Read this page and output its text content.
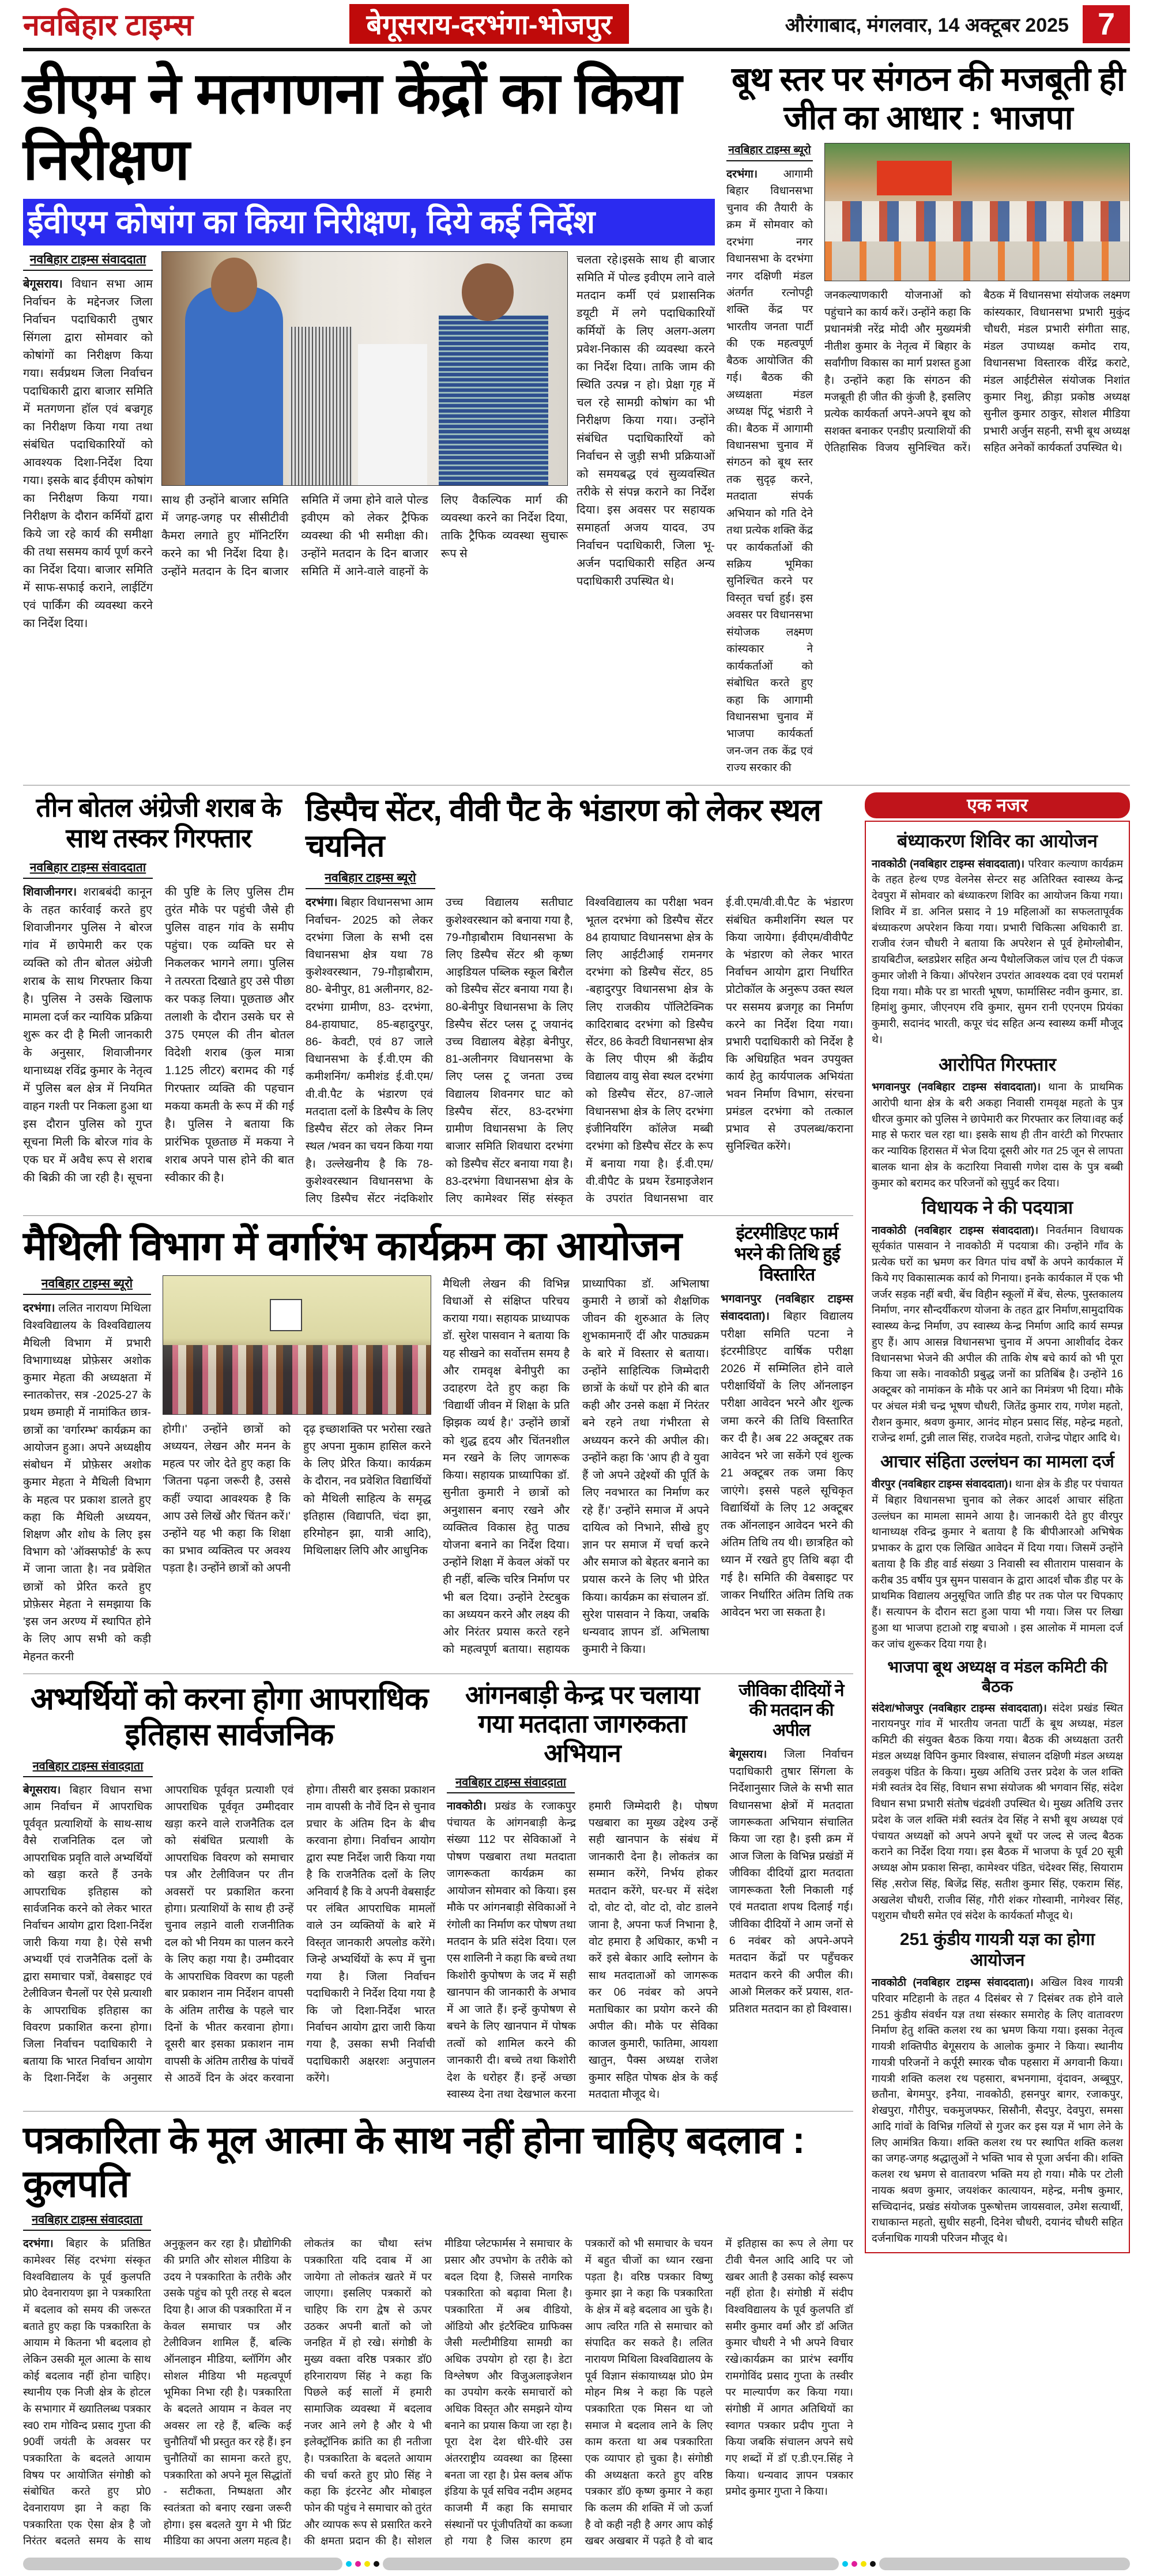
नवबिहार टाइम्स	बेगूसराय-दरभंगा-भोजपुर	औरंगाबाद, मंगलवार, 14 अक्टूबर 2025 7
डीएम ने मतगणना केंद्रों का किया निरीक्षण
ईवीएम कोषांग का किया निरीक्षण, दिये कई निर्देश
नवबिहार टाइम्स संवाददाता

बेगूसराय। विधान सभा आम निर्वाचन के मद्देनजर जिला निर्वाचन पदाधिकारी तुषार सिंगला द्वारा सोमवार को कोषांगों का निरीक्षण किया गया। सर्वप्रथम जिला निर्वाचन पदाधिकारी द्वारा बाजार समिति में मतगणना हॉल एवं बज्रगृह का निरीक्षण किया गया तथा संबंधित पदाधिकारियों को आवश्यक दिशा-निर्देश दिया गया। इसके बाद ईवीएम कोषांग का निरीक्षण किया गया। निरीक्षण के दौरान कर्मियों द्वारा किये जा रहे कार्य की समीक्षा की तथा ससमय कार्य पूर्ण करने का निर्देश दिया। बाजार समिति में साफ-सफाई कराने, लाईटिंग एवं पार्किंग की व्यवस्था करने का निर्देश दिया।

साथ ही उन्होंने बाजार समिति में जगह-जगह पर सीसीटीवी कैमरा लगाते हुए मॉनिटरिंग करने का भी निर्देश दिया है। उन्होंने मतदान के दिन बाजार समिति में जमा होने वाले पोल्ड इवीएम को लेकर ट्रैफिक व्यवस्था की भी समीक्षा की। उन्होंने मतदान के दिन बाजार समिति में आने-वाले वाहनों के लिए वैकल्पिक मार्ग की व्यवस्था करने का निर्देश दिया, ताकि ट्रैफिक व्यवस्था सुचारू रूप से

चलता रहे।इसके साथ ही बाजार समिति में पोल्ड इवीएम लाने वाले मतदान कर्मी एवं प्रशासनिक डयूटी में लगे पदाधिकारियों कर्मियों के लिए अलग-अलग प्रवेश-निकास की व्यवस्था करने का निर्देश दिया। ताकि जाम की स्थिति उत्पन्न न हो। प्रेक्षा गृह में चल रहे सामग्री कोषांग का भी निरीक्षण किया गया। उन्होंने संबंधित पदाधिकारियों को निर्वाचन से जुड़ी सभी प्रक्रियाओं को समयबद्ध एवं सुव्यवस्थित तरीके से संपन्न कराने का निर्देश दिया। इस अवसर पर सहायक समाहर्ता अजय यादव, उप निर्वाचन पदाधिकारी, जिला भू-अर्जन पदाधिकारी सहित अन्य पदाधिकारी उपस्थित थे।

बूथ स्तर पर संगठन की मजबूती ही जीत का आधार : भाजपा
नवबिहार टाइम्स ब्यूरो

दरभंगा। आगामी बिहार विधानसभा चुनाव की तैयारी के क्रम में सोमवार को दरभंगा नगर विधानसभा के दरभंगा नगर दक्षिणी मंडल अंतर्गत रत्नोपट्टी शक्ति केंद्र पर भारतीय जनता पार्टी की एक महत्वपूर्ण बैठक आयोजित की गई। बैठक की अध्यक्षता मंडल अध्यक्ष पिंटू भंडारी ने की। बैठक में आगामी विधानसभा चुनाव में संगठन को बूथ स्तर तक सुदृढ़ करने, मतदाता संपर्क अभियान को गति देने तथा प्रत्येक शक्ति केंद्र पर कार्यकर्ताओं की सक्रिय भूमिका सुनिश्चित करने पर विस्तृत चर्चा हुई। इस अवसर पर विधानसभा संयोजक लक्ष्मण कांस्यकार ने कार्यकर्ताओं को संबोधित करते हुए कहा कि आगामी विधानसभा चुनाव में भाजपा कार्यकर्ता जन-जन तक केंद्र एवं राज्य सरकार की

जनकल्याणकारी योजनाओं को पहुंचाने का कार्य करें। उन्होंने कहा कि प्रधानमंत्री नरेंद्र मोदी और मुख्यमंत्री नीतीश कुमार के नेतृत्व में बिहार के सर्वांगीण विकास का मार्ग प्रशस्त हुआ है। उन्होंने कहा कि संगठन की मजबूती ही जीत की कुंजी है, इसलिए प्रत्येक कार्यकर्ता अपने-अपने बूथ को सशक्त बनाकर एनडीए प्रत्याशियों की ऐतिहासिक विजय सुनिश्चित करें। बैठक में विधानसभा संयोजक लक्ष्मण कांस्यकार, विधानसभा प्रभारी मुकुंद चौधरी, मंडल प्रभारी संगीता साह, मंडल उपाध्यक्ष कमोद राय, विधानसभा विस्तारक वीरेंद्र कराटे, मंडल आईटीसेल संयोजक निशांत कुमार निशु, क्रीड़ा प्रकोष्ठ अध्यक्ष सुनील कुमार ठाकुर, सोशल मीडिया प्रभारी अर्जुन सहनी, सभी बूथ अध्यक्ष सहित अनेकों कार्यकर्ता उपस्थित थे।

तीन बोतल अंग्रेजी शराब के साथ तस्कर गिरफ्तार
नवबिहार टाइम्स संवाददाता

शिवाजीनगर। शराबबंदी कानून के तहत कार्रवाई करते हुए शिवाजीनगर पुलिस ने बोरज गांव में छापेमारी कर एक व्यक्ति को तीन बोतल अंग्रेजी शराब के साथ गिरफ्तार किया है। पुलिस ने उसके खिलाफ मामला दर्ज कर न्यायिक प्रक्रिया शुरू कर दी है मिली जानकारी के अनुसार, शिवाजीनगर थानाध्यक्ष रविंद्र कुमार के नेतृत्व में पुलिस बल क्षेत्र में नियमित वाहन गश्ती पर निकला हुआ था इस दौरान पुलिस को गुप्त सूचना मिली कि बोरज गांव के एक घर में अवैध रूप से शराब की बिक्री की जा रही है। सूचना की पुष्टि के लिए पुलिस टीम तुरंत मौके पर पहुंची जैसे ही पुलिस वाहन गांव के समीप पहुंचा। एक व्यक्ति घर से निकलकर भागने लगा। पुलिस ने तत्परता दिखाते हुए उसे पीछा कर पकड़ लिया। पूछताछ और तलाशी के दौरान उसके घर से 375 एमएल की तीन बोतल विदेशी शराब (कुल मात्रा 1.125 लीटर) बरामद की गई गिरफ्तार व्यक्ति की पहचान मकया कमती के रूप में की गई है। पुलिस ने बताया कि प्रारंभिक पूछताछ में मकया ने शराब अपने पास होने की बात स्वीकार की है।

डिस्पैच सेंटर, वीवी पैट के भंडारण को लेकर स्थल चयनित
नवबिहार टाइम्स ब्यूरो

दरभंगा। बिहार विधानसभा आम निर्वाचन- 2025 को लेकर दरभंगा जिला के सभी दस विधानसभा क्षेत्र यथा 78 कुशेश्वरस्थान, 79-गौड़ाबौराम, 80- बेनीपुर, 81 अलीनगर, 82- दरभंगा ग्रामीण, 83- दरभंगा, 84-हायाघाट, 85-बहादुरपुर, 86- केवटी, एवं 87 जाले विधानसभा के ई.वी.एम की कमीशनिंग/ कमीशंड ई.वी.एम/वी.वी.पैट के भंडारण एवं मतदाता दलों के डिस्पैच के लिए डिस्पैच सेंटर को लेकर निम्न स्थल /भवन का चयन किया गया है। उल्लेखनीय है कि 78-कुशेश्वरस्थान विधानसभा के लिए डिस्पैच सेंटर नंदकिशोर उच्च विद्यालय सतीघाट कुशेश्वरस्थान को बनाया गया है, 79-गौड़ाबौराम विधानसभा के लिए डिस्पैच सेंटर श्री कृष्ण आइडियल पब्लिक स्कूल बिरौल को डिस्पैच सेंटर बनाया गया है। 80-बेनीपुर विधानसभा के लिए डिस्पैच सेंटर प्लस टू जयानंद उच्च विद्यालय बेहेड़ा बेनीपुर, 81-अलीनगर विधानसभा के लिए प्लस टू जनता उच्च विद्यालय शिवनगर घाट को डिस्पैच सेंटर, 83-दरभंगा ग्रामीण विधानसभा के लिए बाजार समिति शिवधारा दरभंगा को डिस्पैच सेंटर बनाया गया है। 83-दरभंगा विधानसभा क्षेत्र के लिए कामेश्वर सिंह संस्कृत विश्वविद्यालय का परीक्षा भवन भूतल दरभंगा को डिस्पैच सेंटर 84 हायाघाट विधानसभा क्षेत्र के लिए आईटीआई रामनगर दरभंगा को डिस्पैच सेंटर, 85 -बहादुरपुर विधानसभा क्षेत्र के लिए राजकीय पॉलिटेक्निक कादिराबाद दरभंगा को डिस्पैच सेंटर, 86 केवटी विधानसभा क्षेत्र के लिए पीएम श्री केंद्रीय विद्यालय वायु सेवा स्थल दरभंगा को डिस्पैच सेंटर, 87-जाले विधानसभा क्षेत्र के लिए दरभंगा इंजीनियरिंग कॉलेज मब्बी दरभंगा को डिस्पैच सेंटर के रूप में बनाया गया है। ई.वी.एम/वी.वीपैट के प्रथम रेंडमाइजेशन के उपरांत विधानसभा वार ई.वी.एम/वी.वी.पैट के भंडारण संबंधित कमीशनिंग स्थल पर किया जायेगा। ईवीएम/वीवीपैट के भंडारण को लेकर भारत निर्वाचन आयोग द्वारा निर्धारित प्रोटोकॉल के अनुरूप उक्त स्थल पर ससमय ब्रजगृह का निर्माण करने का निर्देश दिया गया। प्रभारी पदाधिकारी को निर्देश है कि अधिग्रहित भवन उपयुक्त कार्य हेतु कार्यपालक अभियंता भवन निर्माण विभाग, संरचना प्रमंडल दरभंगा को तत्काल प्रभाव से उपलब्ध/कराना सुनिश्चित करेंगे।

मैथिली विभाग में वर्गारंभ कार्यक्रम का आयोजन
नवबिहार टाइम्स ब्यूरो

दरभंगा। ललित नारायण मिथिला विश्वविद्यालय के विश्वविद्यालय मैथिली विभाग में प्रभारी विभागाध्यक्ष प्रोफ़ेसर अशोक कुमार मेहता की अध्यक्षता में स्नातकोत्तर, सत्र -2025-27 के प्रथम छमाही में नामांकित छात्र-छात्रों का 'वर्गारम्भ' कार्यक्रम का आयोजन हुआ। अपने अध्यक्षीय संबोधन में प्रोफ़ेसर अशोक कुमार मेहता ने मैथिली विभाग के महत्व पर प्रकाश डालते हुए कहा कि मैथिली अध्ययन, शिक्षण और शोध के लिए इस विभाग को 'ऑक्सफोर्ड' के रूप में जाना जाता है। नव प्रवेशित छात्रों को प्रेरित करते हुए प्रोफ़ेसर मेहता ने समझाया कि 'इस जन अरण्य में स्थापित होने के लिए आप सभी को कड़ी मेहनत करनी

होगी।' उन्होंने छात्रों को अध्ययन, लेखन और मनन के महत्व पर जोर देते हुए कहा कि 'जितना पढ़ना जरूरी है, उससे कहीं ज्यादा आवश्यक है कि आप उसे लिखें और चिंतन करें।' उन्होंने यह भी कहा कि शिक्षा का प्रभाव व्यक्तित्व पर अवश्य पड़ता है। उन्होंने छात्रों को अपनी दृढ़ इच्छाशक्ति पर भरोसा रखते हुए अपना मुकाम हासिल करने के लिए प्रेरित किया। कार्यक्रम के दौरान, नव प्रवेशित विद्यार्थियों को मैथिली साहित्य के समृद्ध इतिहास (विद्यापति, चंदा झा, हरिमोहन झा, यात्री आदि), मिथिलाक्षर लिपि और आधुनिक

मैथिली लेखन की विभिन्न विधाओं से संक्षिप्त परिचय कराया गया। सहायक प्राध्यापक डॉ. सुरेश पासवान ने बताया कि यह सीखने का सर्वोत्तम समय है और रामवृक्ष बेनीपुरी का उदाहरण देते हुए कहा कि 'विद्यार्थी जीवन में शिक्षा के प्रति झिझक व्यर्थ है।' उन्होंने छात्रों को शुद्ध हृदय और चिंतनशील मन रखने के लिए जागरूक किया। सहायक प्राध्यापिका डॉ. सुनीता कुमारी ने छात्रों को अनुशासन बनाए रखने और व्यक्तित्व विकास हेतु पाठ्य योजना बनाने का निर्देश दिया। उन्होंने शिक्षा में केवल अंकों पर ही नहीं, बल्कि चरित्र निर्माण पर भी बल दिया। उन्होंने टेस्टबुक का अध्ययन करने और लक्ष्य की ओर निरंतर प्रयास करते रहने को महत्वपूर्ण बताया। सहायक प्राध्यापिका डॉ. अभिलाषा कुमारी ने छात्रों को शैक्षणिक जीवन की शुरुआत के लिए शुभकामनाएँ दीं और पाठ्यक्रम के बारे में विस्तार से बताया। उन्होंने साहित्यिक जिम्मेदारी छात्रों के कंधों पर होने की बात कही और उनसे कक्षा में निरंतर बने रहने तथा गंभीरता से अध्ययन करने की अपील की। उन्होंने कहा कि 'आप ही वे युवा हैं जो अपने उद्देश्यों की पूर्ति के लिए नवभारत का निर्माण कर रहे हैं।' उन्होंने समाज में अपने दायित्व को निभाने, सीखे हुए ज्ञान पर समाज में चर्चा करने और समाज को बेहतर बनाने का प्रयास करने के लिए भी प्रेरित किया। कार्यक्रम का संचालन डॉ. सुरेश पासवान ने किया, जबकि धन्यवाद ज्ञापन डॉ. अभिलाषा कुमारी ने किया।

इंटरमीडिएट फार्म भरने की तिथि हुई विस्तारित

भगवानपुर (नवबिहार टाइम्स संवाददाता)। बिहार विद्यालय परीक्षा समिति पटना ने इंटरमीडिएट वार्षिक परीक्षा 2026 में सम्मिलित होने वाले परीक्षार्थियों के लिए ऑनलाइन परीक्षा आवेदन भरने और शुल्क जमा करने की तिथि विस्तारित कर दी है। अब 22 अक्टूबर तक आवेदन भरे जा सकेंगे एवं शुल्क 21 अक्टूबर तक जमा किए जाएंगे। इससे पहले सूचिकृत विद्यार्थियों के लिए 12 अक्टूबर तक ऑनलाइन आवेदन भरने की अंतिम तिथि तय थी। छात्रहित को ध्यान में रखते हुए तिथि बढ़ा दी गई है। समिति की वेबसाइट पर जाकर निर्धारित अंतिम तिथि तक आवेदन भरा जा सकता है।

अभ्यर्थियों को करना होगा आपराधिक इतिहास सार्वजनिक
नवबिहार टाइम्स संवाददाता

बेगूसराय। बिहार विधान सभा आम निर्वाचन में आपराधिक पूर्ववृत प्रत्याशियों के साथ-साथ वैसे राजनितिक दल जो आपराधिक प्रवृति वाले अभ्यर्थियों को खड़ा करते हैं उनके आपराधिक इतिहास को सार्वजनिक करने को लेकर भारत निर्वाचन आयोग द्वारा दिशा-निर्देश जारी किया गया है। ऐसे सभी अभ्यर्थी एवं राजनैतिक दलों के द्वारा समाचार पत्रों, वेबसाइट एवं टेलीविजन चैनलों पर ऐसे प्रत्याशी के आपराधिक इतिहास का विवरण प्रकाशित करना होगा। जिला निर्वाचन पदाधिकारी ने बताया कि भारत निर्वाचन आयोग के दिशा-निर्देश के अनुसार आपराधिक पूर्ववृत प्रत्याशी एवं आपराधिक पूर्ववृत उम्मीदवार खड़ा करने वाले राजनैतिक दल को संबंधित प्रत्याशी के आपराधिक विवरण को समाचार पत्र और टेलीविजन पर तीन अवसरों पर प्रकाशित करना होगा। प्रत्याशियों के साथ ही उन्हें चुनाव लड़ाने वाली राजनीतिक दल को भी नियम का पालन करने के लिए कहा गया है। उम्मीदवार के आपराधिक विवरण का पहली बार प्रकाशन नाम निर्देशन वापसी के अंतिम तारीख के पहले चार दिनों के भीतर करवाना होगा। दूसरी बार इसका प्रकाशन नाम वापसी के अंतिम तारीख के पांचवें से आठवें दिन के अंदर करवाना होगा। तीसरी बार इसका प्रकाशन नाम वापसी के नौवें दिन से चुनाव प्रचार के अंतिम दिन के बीच करवाना होगा। निर्वाचन आयोग द्वारा स्पष्ट निर्देश जारी किया गया है कि राजनैतिक दलों के लिए अनिवार्य है कि वे अपनी वेबसाईट पर लंबित आपराधिक मामलों वाले उन व्यक्तियों के बारे में विस्तृत जानकारी अपलोड करेंगे। जिन्हे अभ्यर्थियों के रूप में चुना गया है। जिला निर्वाचन पदाधिकारी ने निर्देश दिया गया है कि जो दिशा-निर्देश भारत निर्वाचन आयोग द्वारा जारी किया गया है, उसका सभी निर्वाची पदाधिकारी अक्षरशः अनुपालन करेंगे।

आंगनबाड़ी केन्द्र पर चलाया गया मतदाता जागरुकता अभियान
नवबिहार टाइम्स संवाददाता

नावकोठी। प्रखंड के रजाकपुर पंचायत के आंगनबाड़ी केन्द्र संख्या 112 पर सेविकाओं ने पोषण पखबारा तथा मतदाता जागरूकता कार्यक्रम का आयोजन सोमवार को किया। इस मौके पर आंगनबाड़ी सेविकाओं ने रंगोली का निर्माण कर पोषण तथा मतदान के प्रति संदेश दिया। एल एस शालिनी ने कहा कि बच्चे तथा किशोरी कुपोषण के जद में सही खानपान की जानकारी के अभाव में आ जाते हैं। इन्हें कुपोषण से बचने के लिए खानपान में पोषक तत्वों को शामिल करने की जानकारी दी। बच्चे तथा किशोरी देश के धरोहर हैं। इन्हें अच्छा स्वास्थ्य देना तथा देखभाल करना हमारी जिम्मेदारी है। पोषण पखबारा का मुख्य उद्देश्य उन्हें सही खानपान के संबंध में जानकारी देना है। लोकतंत्र का सम्मान करेंगे, निर्भय होकर मतदान करेंगे, घर-घर में संदेश दो, वोट दो, वोट दो, वोट डालने जाना है, अपना फर्ज निभाना है, वोट हमारा है अधिकार, कभी न करें इसे बेकार आदि स्लोगन के साथ मतदाताओं को जागरूक कर 06 नवंबर को अपने मताधिकार का प्रयोग करने की अपील की। मौके पर सेविका काजल कुमारी, फातिमा, आयशा खातुन, पैक्स अध्यक्ष राजेश कुमार सहित पोषक क्षेत्र के कई मतदाता मौजूद थे।

जीविका दीदियों ने की मतदान की अपील

बेगूसराय। जिला निर्वाचन पदाधिकारी तुषार सिंगला के निर्देशानुसार जिले के सभी सात विधानसभा क्षेत्रों में मतदाता जागरूकता अभियान संचालित किया जा रहा है। इसी क्रम में आज जिला के विभिन्न प्रखंडों में जीविका दीदियों द्वारा मतदाता जागरूकता रैली निकाली गई एवं मतदाता शपथ दिलाई गई। जीविका दीदियों ने आम जनों से 6 नवंबर को अपने-अपने मतदान केंद्रों पर पहुँचकर मतदान करने की अपील की। आओ मिलकर करें प्रयास, शत-प्रतिशत मतदान का हो विश्वास।

पत्रकारिता के मूल आत्मा के साथ नहीं होना चाहिए बदलाव : कुलपति
नवबिहार टाइम्स संवाददाता

दरभंगा। बिहार के प्रतिष्ठित कामेश्वर सिंह दरभंगा संस्कृत विश्वविद्यालय के पूर्व कुलपति प्रो0 देवनारायण झा ने पत्रकारिता में बदलाव को समय की जरूरत बताते हुए कहा कि पत्रकारिता के आयाम मे कितना भी बदलाव हो लेकिन उसकी मूल आत्मा के साथ कोई बदलाव नहीं होना चाहिए। स्थानीय एक निजी क्षेत्र के होटल के सभागार में ख्यातिलब्ध पत्रकार स्व0 राम गोविन्द प्रसाद गुप्ता की 90वीं जयंती के अवसर पर पत्रकारिता के बदलते आयाम विषय पर आयोजित संगोष्ठी को संबोधित करते हुए प्रो0 देवनारायण झा ने कहा कि पत्रकारिता एक ऐसा क्षेत्र है जो निरंतर बदलते समय के साथ अनुकूलन कर रहा है। प्रौद्योगिकी की प्रगति और सोशल मीडिया के उदय ने पत्रकारिता के तरीके और उसके पहुंच को पूरी तरह से बदल दिया है। आज की पत्रकारिता में न केवल समाचार पत्र और टेलीविजन शामिल हैं, बल्कि ऑनलाइन मीडिया, ब्लॉगिंग और सोशल मीडिया भी महत्वपूर्ण भूमिका निभा रही है। पत्रकारिता के बदलते आयाम न केवल नए अवसर ला रहे हैं, बल्कि कई चुनौतियाँ भी प्रस्तुत कर रहे हैं। इन चुनौतियों का सामना करते हुए, पत्रकारिता को अपने मूल सिद्धांतों - सटीकता, निष्पक्षता और स्वतंत्रता को बनाए रखना जरूरी होगा। इस बदलते युग मे भी प्रिंट मीडिया का अपना अलग महत्व है। लोकतंत्र का चौथा स्तंभ पत्रकारिता यदि दवाब में आ जायेगा तो लोकतंत्र खतरे में पर जाएगा। इसलिए पत्रकारों को चाहिए कि राग द्वेष से ऊपर उठकर अपनी बातों को जो जनहित में हो रखे। संगोष्ठी के मुख्य वक्ता वरिष्ठ पत्रकार डॉ0 हरिनारायण सिंह ने कहा कि पिछले कई सालों में हमारी सामाजिक व्यवस्था में बदलाव नजर आने लगे है और ये भी इलेक्ट्रॉनिक क्रांति का ही नतीजा है। पत्रकारिता के बदलते आयाम की चर्चा करते हुए प्रो0 सिंह ने कहा कि इंटरनेट और मोबाइल फोन की पहुंच ने समाचार को तुरंत और व्यापक रूप से प्रसारित करने की क्षमता प्रदान की है। सोशल मीडिया प्लेटफार्मस ने समाचार के प्रसार और उपभोग के तरीके को बदल दिया है, जिससे नागरिक पत्रकारिता को बढ़ावा मिला है। पत्रकारिता में अब वीडियो, ऑडियो और इंटरैक्टिव ग्राफिक्स जैसी मल्टीमीडिया सामग्री का अधिक उपयोग हो रहा है। डेटा विश्लेषण और विजुअलाइजेशन का उपयोग करके समाचारों को अधिक विस्तृत और समझने योग्य बनाने का प्रयास किया जा रहा है। पूरा देश देश धीरे-धीरे उस अंतरराष्ट्रीय व्यवस्था का हिस्सा बनता जा रहा है। प्रेस क्लब ऑफ इंडिया के पूर्व सचिव नदीम अहमद काजमी मैं कहा कि समाचार संस्थानों पर पूंजीपतियों का कब्जा हो गया है जिस कारण हम पत्रकारों को भी समाचार के चयन में बहुत चीजों का ध्यान रखना पड़ता है। वरिष्ठ पत्रकार विष्णु कुमार झा ने कहा कि पत्रकारिता के क्षेत्र में बड़े बदलाव आ चुके है। आप त्वरित गति से समाचार को संपादित कर सकते है। ललित नारायण मिथिला विश्वविद्यालय के पूर्व विज्ञान संकायाध्यक्ष प्रो0 प्रेम मोहन मिश्र ने कहा कि पहले पत्रकारिता एक मिसन था जो समाज मे बदलाव लाने के लिए काम करता था अब पत्रकारिता एक व्यापार हो चुका है। संगोष्ठी की अध्यक्षता करते हुए वरिष्ठ पत्रकार डॉ0 कृष्ण कुमार ने कहा कि कलम की शक्ति में जो ऊर्जा है वो कही नही है अगर आप कोई खबर अखबार में पढ़ते है वो बाद में इतिहास का रूप ले लेगा पर टीवी चैनल आदि आदि पर जो खबर आती है उसका कोई स्वरूप नहीं होता है। संगोष्ठी में संदीप विश्वविद्यालय के पूर्व कुलपति डॉ समीर कुमार वर्मा और डॉ अजित कुमार चौधरी ने भी अपने विचार रखे।कार्यक्रम का प्रारंभ स्वर्गीय रामगोविंद प्रसाद गुप्ता के तस्वीर पर माल्यार्पण कर किया गया। संगोष्ठी में आगत अतिथियों का स्वागत पत्रकार प्रदीप गुप्ता ने किया जबकि संचालन अपने सधे गए शब्दों में डॉ ए.डी.एन.सिंह ने किया। धन्यवाद ज्ञापन पत्रकार प्रमोद कुमार गुप्ता ने किया।

एक नजर
बंध्याकरण शिविर का आयोजन

नावकोठी (नवबिहार टाइम्स संवाददाता)। परिवार कल्याण कार्यक्रम के तहत हेल्थ एण्ड वेलनेस सेन्टर सह अतिरिक्त स्वास्थ्य केन्द्र देवपुरा में सोमवार को बंध्याकरण शिविर का आयोजन किया गया। शिविर में डा. अनिल प्रसाद ने 19 महिलाओं का सफलतापूर्वक बंध्याकरण अपरेशन किया गया। प्रभारी चिकित्सा अधिकारी डा. राजीव रंजन चौधरी ने बताया कि अपरेशन से पूर्व हेमोग्लोबीन, डायबिटीज, ब्लडप्रेशर सहित अन्य पैथोलजिकल जांच एल टी पंकज कुमार जोशी ने किया। ऑपरेशन उपरांत आवश्यक दवा एवं परामर्श दिया गया। मौके पर डा भारती भूषण, फार्मासिस्ट नवीन कुमार, डा. हिमांशु कुमार, जीएनएम रवि कुमार, सुमन रानी एएनएम प्रियंका कुमारी, सदानंद भारती, कपूर चंद सहित अन्य स्वास्थ्य कर्मी मौजूद थे।

आरोपित गिरफ्तार

भगवानपुर (नवबिहार टाइम्स संवाददाता)। थाना के प्राथमिक आरोपी थाना क्षेत्र के बरी अकहा निवासी रामवृक्ष महतो के पुत्र धीरज कुमार को पुलिस ने छापेमारी कर गिरफ्तार कर लिया।वह कई माह से फरार चल रहा था। इसके साथ ही तीन वारंटी को गिरफ्तार कर न्यायिक हिरासत में भेज दिया दूसरी ओर गत 25 जून से लापता बालक थाना क्षेत्र के कटारिया निवासी गणेश दास के पुत्र बब्बी कुमार को बरामद कर परिजनों को सुपुर्द कर दिया।

विधायक ने की पदयात्रा

नावकोठी (नवबिहार टाइम्स संवाददाता)। निवर्तमान विधायक सूर्यकांत पासवान ने नावकोठी में पदयात्रा की। उन्होंने गाँव के प्रत्येक घरों का भ्रमण कर विगत पांच वर्षों के अपने कार्यकाल में किये गए विकासात्मक कार्य को गिनाया। इनके कार्यकाल में एक भी जर्जर सड़क नहीं बची, बेंच विहीन स्कूलों में बेंच, सेल्फ, पुस्तकालय निर्माण, नगर सौन्दर्यीकरण योजना के तहत द्वार निर्माण,सामुदायिक स्वास्थ्य केन्द्र निर्माण, उप स्वास्थ्य केन्द्र निर्माण आदि कार्य सम्पन्न हुए हैं। आप आसन्न विधानसभा चुनाव में अपना आशीर्वाद देकर विधानसभा भेजने की अपील की ताकि शेष बचे कार्य को भी पूरा किया जा सके। नावकोठी प्रबुद्ध जनों का प्रतिबिंब है। उन्होंने 16 अक्टूबर को नामांकन के मौके पर आने का निमंत्रण भी दिया। मौके पर अंचल मंत्री चन्द्र भूषण चौधरी, जितेंद्र कुमार राय, गणेश महतो, रौशन कुमार, श्रवण कुमार, आनंद मोहन प्रसाद सिंह, महेन्द्र महतो, राजेन्द्र शर्मा, टुन्नी लाल सिंह, राजदेव महतो, राजेन्द्र पोद्दार आदि थे।

आचार संहिता उल्लंघन का मामला दर्ज

वीरपुर (नवबिहार टाइम्स संवाददाता)। थाना क्षेत्र के डीह पर पंचायत में बिहार विधानसभा चुनाव को लेकर आदर्श आचार संहिता उल्लंघन का मामला सामने आया है। जानकारी देते हुए वीरपुर थानाध्यक्ष रविन्द्र कुमार ने बताया है कि बीपीआरओ अभिषेक प्रभाकर के द्वारा एक लिखित आवेदन में दिया गया। जिसमें उन्होंने बताया है कि डीह वार्ड संख्या 3 निवासी स्व सीताराम पासवान के करीब 35 वर्षीय पुत्र सुमन पासवान के द्वारा आदर्श चौक डीह पर के प्राथमिक विद्यालय अनुसूचित जाति डीह पर तक पोल पर चिपकाए हैं। सत्यापन के दौरान सटा हुआ पाया भी गया। जिस पर लिखा हुआ था भाजपा हटाओ राष्ट्र बचाओ । इस आलोक में मामला दर्ज कर जांच शुरूकर दिया गया है।

भाजपा बूथ अध्यक्ष व मंडल कमिटी की बैठक

संदेश/भोजपुर (नवबिहार टाइम्स संवाददाता)। संदेश प्रखंड स्थित नारायनपुर गांव में भारतीय जनता पार्टी के बूथ अध्यक्ष, मंडल कमिटी की संयुक्त बैठक किया गया। बैठक की अध्यक्षता उतरी मंडल अध्यक्ष विपिन कुमार विश्वास, संचालन दक्षिणी मंडल अध्यक्ष लवकुश पंडित के किया। मुख्य अतिथि उत्तर प्रदेश के जल शक्ति मंत्री स्वतंत्र देव सिंह, विधान सभा संयोजक श्री भगवान सिंह, संदेश विधान सभा प्रभारी संतोष चंद्रवंशी उपस्थित थे। मुख्य अतिथि उत्तर प्रदेश के जल शक्ति मंत्री स्वतंत्र देव सिंह ने सभी बूथ अध्यक्ष एवं पंचायत अध्यक्षों को अपने अपने बूथों पर जल्द से जल्द बैठक कराने का निर्देश दिया गया। इस बैठक में भाजपा के पूर्व 20 सूत्री अध्यक्ष ओम प्रकाश सिन्हा, कामेश्वर पंडित, चंदेश्वर सिंह, सियाराम सिंह ,सरोज सिंह, बिजेंद्र सिंह, सतीश कुमार सिंह, एकराम सिंह, अखलेश चौधरी, राजीव सिंह, गौरी शंकर गोस्वामी, नागेश्वर सिंह, पशुराम चौधरी समेत एवं संदेश के कार्यकर्ता मौजूद थे।

251 कुंडीय गायत्री यज्ञ का होगा आयोजन

नावकोठी (नवबिहार टाइम्स संवाददाता)। अखिल विश्व गायत्री परिवार मटिहानी के तहत 4 दिसंबर से 7 दिसंबर तक होने वाले 251 कुंडीय संवर्धन यज्ञ तथा संस्कार समारोह के लिए वातावरण निर्माण हेतु शक्ति कलश रथ का भ्रमण किया गया। इसका नेतृत्व गायत्री शक्तिपीठ बेगूसराय के आलोक कुमार ने किया। स्थानीय गायत्री परिजनों ने कर्पूरी स्मारक चौक पहसारा में अगवानी किया। गायत्री शक्ति कलश रथ पहसारा, बभनगामा, वृंदावन, अब्बूपुर, छतौना, बेगमपुर, इनैया, नावकोठी, हसनपुर बागर, रजाकपुर, शेखपुरा, गौरीपुर, चकमुजफ्फर, सिसौनी, सैदपुर, देवपुरा, समसा आदि गांवों के विभिन्न गलियों से गुजर कर इस यज्ञ में भाग लेने के लिए आमंत्रित किया। शक्ति कलश रथ पर स्थापित शक्ति कलश का जगह-जगह श्रद्धालुओं ने भक्ति भाव से पूजा अर्चना की। शक्ति कलश रथ भ्रमण से वातावरण भक्ति मय हो गया। मौके पर टोली नायक श्रवण कुमार, जयशंकर कात्यायन, महेन्द्र, मनीष कुमार, सच्चिदानंद, प्रखंड संयोजक पुरूषोत्तम जायसवाल, उमेश सत्यार्थी, राधाकान्त महतो, सुधीर सहनी, दिनेश चौधरी, दयानंद चौधरी सहित दर्जनाधिक गायत्री परिजन मौजूद थे।
